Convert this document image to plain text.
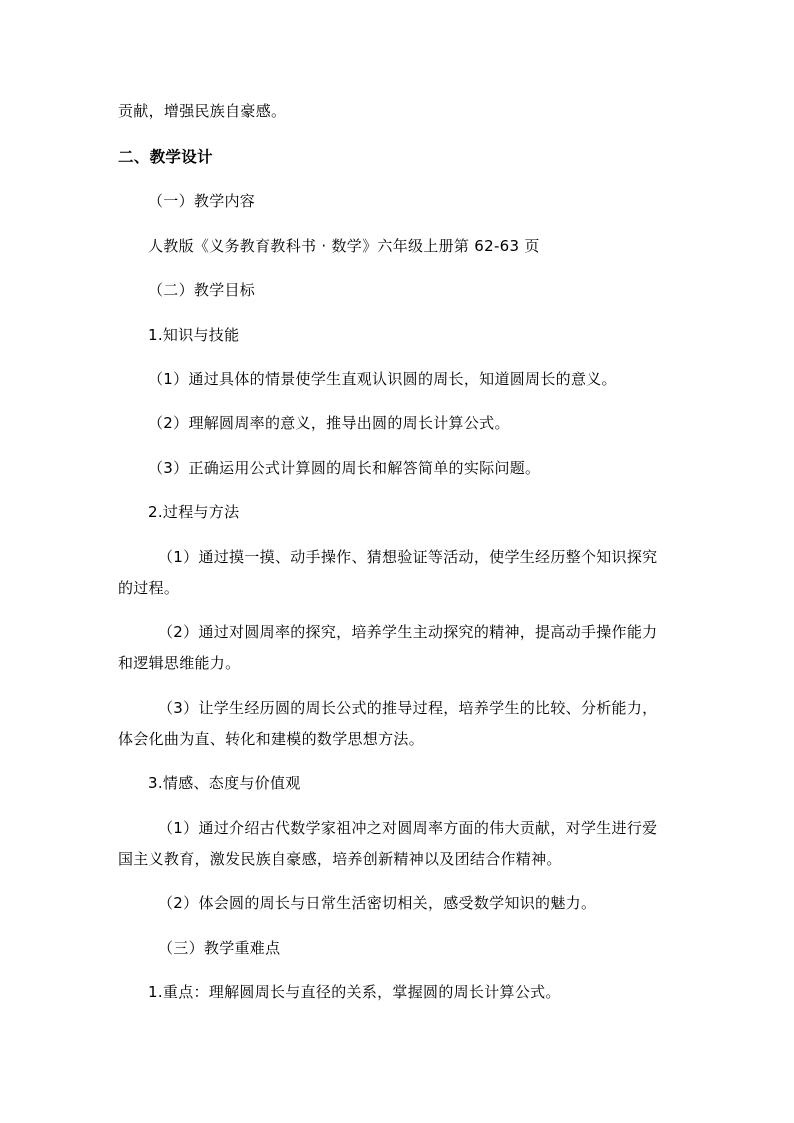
贡献，增强民族自豪感。
二、教学设计
（一）教学内容
人教版《义务教育教科书 · 数学》六年级上册第 62-63 页
（二）教学目标
1.知识与技能
（1）通过具体的情景使学生直观认识圆的周长，知道圆周长的意义。
（2）理解圆周率的意义，推导出圆的周长计算公式。
（3）正确运用公式计算圆的周长和解答简单的实际问题。
2.过程与方法
（1）通过摸一摸、动手操作、猜想验证等活动，使学生经历整个知识探究
的过程。
（2）通过对圆周率的探究，培养学生主动探究的精神，提高动手操作能力
和逻辑思维能力。
（3）让学生经历圆的周长公式的推导过程，培养学生的比较、分析能力，
体会化曲为直、转化和建模的数学思想方法。
3.情感、态度与价值观
（1）通过介绍古代数学家祖冲之对圆周率方面的伟大贡献，对学生进行爱
国主义教育，激发民族自豪感，培养创新精神以及团结合作精神。
（2）体会圆的周长与日常生活密切相关，感受数学知识的魅力。
（三）教学重难点
1.重点：理解圆周长与直径的关系，掌握圆的周长计算公式。
